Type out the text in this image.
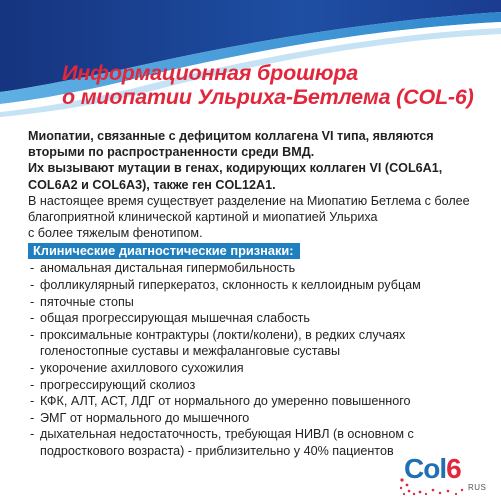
Информационная брошюра
о миопатии Ульриха-Бетлема (COL-6)
Миопатии, связанные с дефицитом коллагена VI типа, являются
вторыми по распространенности среди ВМД.
Их вызывают мутации в генах, кодирующих коллаген VI (COL6A1,
COL6A2 и COL6A3), также ген COL12A1.
В настоящее время существует разделение на Миопатию Бетлема с более
благоприятной клинической картиной и миопатией Ульриха
с более тяжелым фенотипом.
Клинические диагностические признаки:
- аномальная дистальная гипермобильность
- фолликулярный гиперкератоз, склонность к келлоидным рубцам
- пяточные стопы
- общая прогрессирующая мышечная слабость
- проксимальные контрактуры (локти/колени), в редких случаях

голеностопные суставы и межфаланговые суставы
- укорочение ахиллового сухожилия
- прогрессирующий сколиоз
- КФК, АЛТ, АСТ, ЛДГ от нормального до умеренно повышенного
- ЭМГ от нормального до мышечного
- дыхательная недостаточность, требующая НИВЛ (в основном с

подросткового возраста) - приблизительно у 40% пациентов
Col6
RUS
